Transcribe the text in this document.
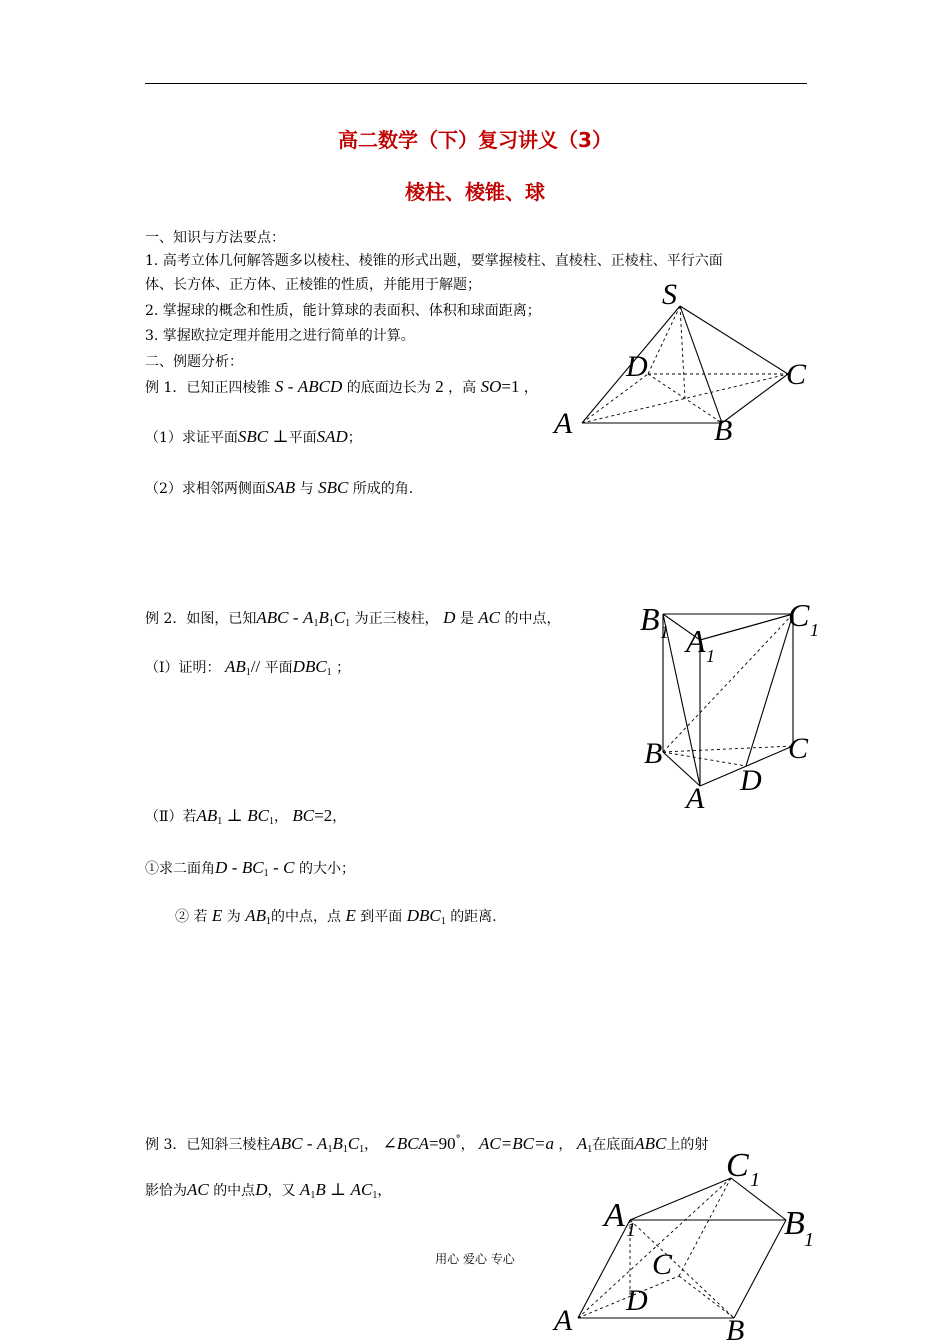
高二数学（下）复习讲义（3）
棱柱、棱锥、球
一、知识与方法要点：
1. 高考立体几何解答题多以棱柱、棱锥的形式出题，要掌握棱柱、直棱柱、正棱柱、平行六面
体、长方体、正方体、正棱锥的性质，并能用于解题；
2. 掌握球的概念和性质，能计算球的表面积、体积和球面距离；
3. 掌握欧拉定理并能用之进行简单的计算。
二、例题分析：
例 1．已知正四棱锥 S - ABCD 的底面边长为 2 ，高 SO=1 ，
（1）求证平面SBC ⊥平面SAD；
（2）求相邻两侧面SAB 与 SBC 所成的角.
S
D	C
A	B
例 2．如图，已知ABC - $A_1B_1C_1$ 为正三棱柱， D 是 AC 的中点，
（Ⅰ）证明： $AB_1//$ 平面$DBC_1$ ；
（Ⅱ）若$AB_1$ ⊥ $BC_1$， BC=2，
①求二面角D - $BC_1$ - C 的大小；
② 若 E 为 $AB_1$的中点，点 E 到平面 $DBC_1$ 的距离.
B 1 A 1
C 1
B	C
D
A
例 3．已知斜三棱柱ABC - $A_1B_1C_1$， ∠BCA=90°， AC=BC=a ， $A_1$在底面ABC上的射
影恰为AC 的中点D，又 $A_1B$ ⊥ $AC_1$，
C 1
A 1	B 1
C
D
A	B
用心 爱心 专心
